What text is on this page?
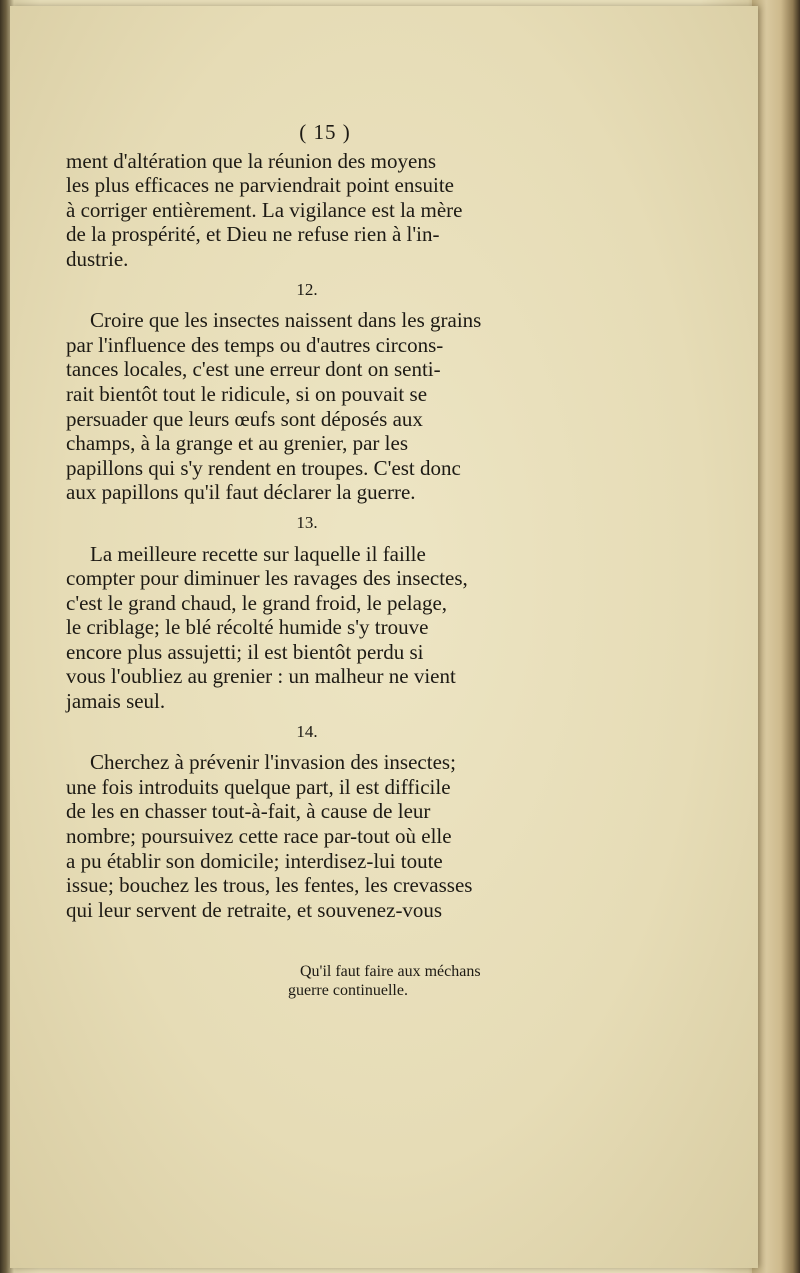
( 15 )
ment d'altération que la réunion des moyens
les plus efficaces ne parviendrait point ensuite
à corriger entièrement. La vigilance est la mère
de la prospérité, et Dieu ne refuse rien à l'in-
dustrie.
12.
Croire que les insectes naissent dans les grains
par l'influence des temps ou d'autres circons-
tances locales, c'est une erreur dont on senti-
rait bientôt tout le ridicule, si on pouvait se
persuader que leurs œufs sont déposés aux
champs, à la grange et au grenier, par les
papillons qui s'y rendent en troupes. C'est donc
aux papillons qu'il faut déclarer la guerre.
13.
La meilleure recette sur laquelle il faille
compter pour diminuer les ravages des insectes,
c'est le grand chaud, le grand froid, le pelage,
le criblage; le blé récolté humide s'y trouve
encore plus assujetti; il est bientôt perdu si
vous l'oubliez au grenier : un malheur ne vient
jamais seul.
14.
Cherchez à prévenir l'invasion des insectes;
une fois introduits quelque part, il est difficile
de les en chasser tout-à-fait, à cause de leur
nombre; poursuivez cette race par-tout où elle
a pu établir son domicile; interdisez-lui toute
issue; bouchez les trous, les fentes, les crevasses
qui leur servent de retraite, et souvenez-vous
Qu'il faut faire aux méchans
guerre continuelle.
